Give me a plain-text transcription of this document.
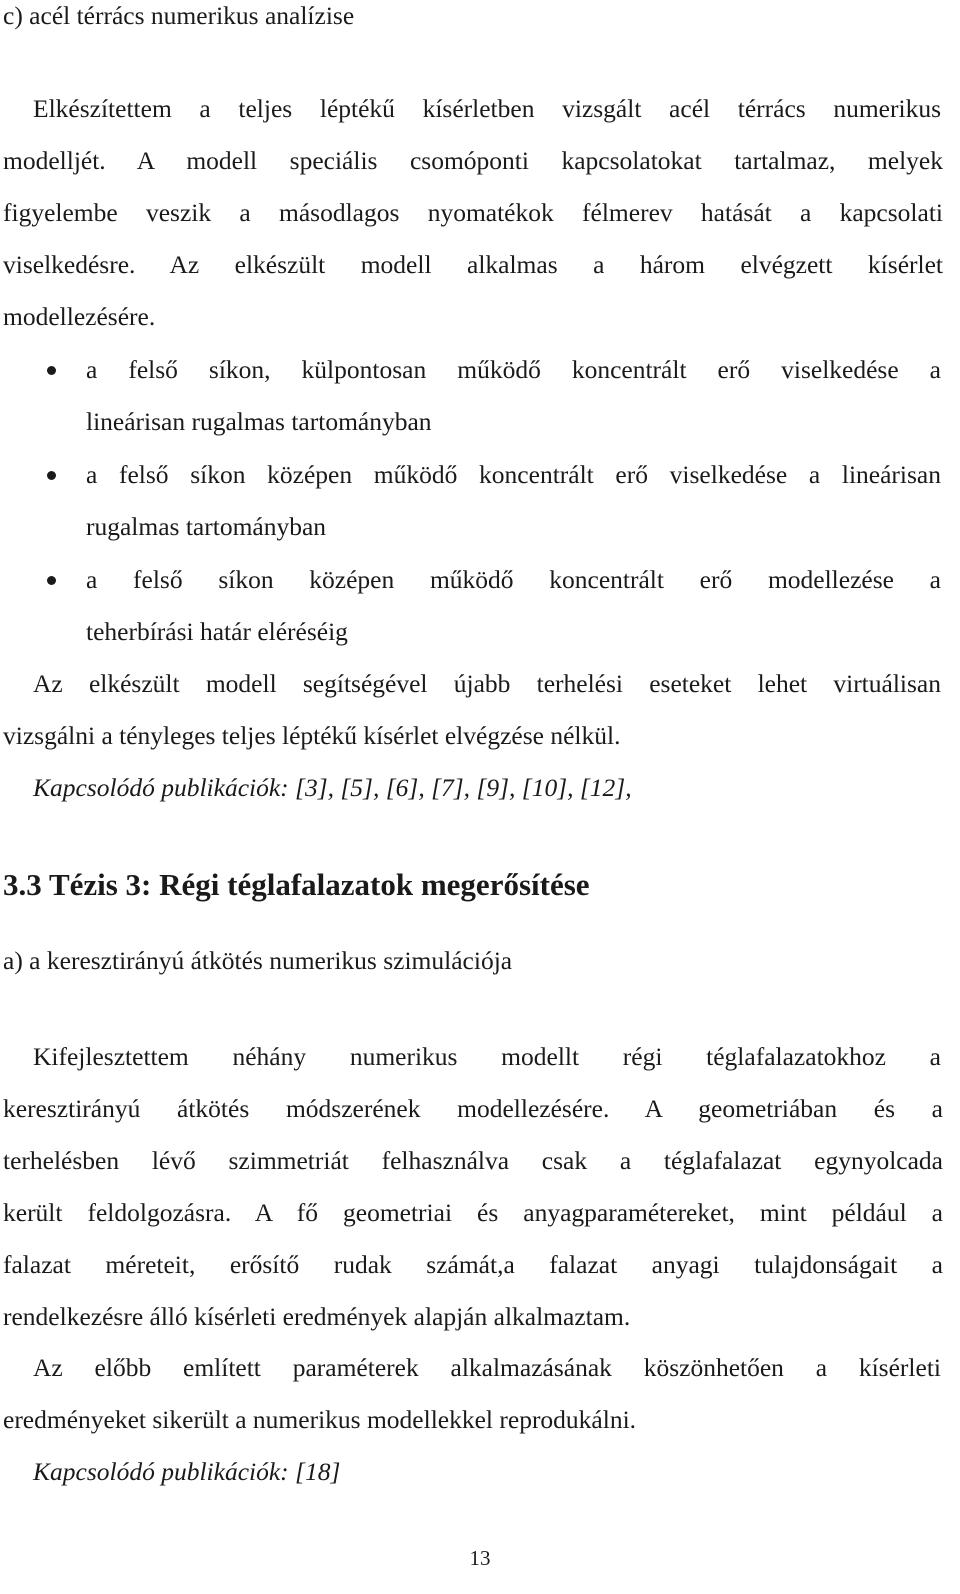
c) acél térrács numerikus analízise

Elkészítettem a teljes léptékű kísérletben vizsgált acél térrács numerikus

modelljét. A modell speciális csomóponti kapcsolatokat tartalmaz, melyek

figyelembe veszik a másodlagos nyomatékok félmerev hatását a kapcsolati

viselkedésre. Az elkészült modell alkalmas a három elvégzett kísérlet

modellezésére.

a felső síkon, külpontosan működő koncentrált erő viselkedése a

lineárisan rugalmas tartományban

a felső síkon középen működő koncentrált erő viselkedése a lineárisan

rugalmas tartományban

a felső síkon középen működő koncentrált erő modellezése a

teherbírási határ eléréséig

Az elkészült modell segítségével újabb terhelési eseteket lehet virtuálisan

vizsgálni a tényleges teljes léptékű kísérlet elvégzése nélkül.

Kapcsolódó publikációk: [3], [5], [6], [7], [9], [10], [12],

3.3 Tézis 3: Régi téglafalazatok megerősítése

a) a keresztirányú átkötés numerikus szimulációja

Kifejlesztettem néhány numerikus modellt régi téglafalazatokhoz a

keresztirányú átkötés módszerének modellezésére. A geometriában és a

terhelésben lévő szimmetriát felhasználva csak a téglafalazat egynyolcada

került feldolgozásra. A fő geometriai és anyagparamétereket, mint például a

falazat méreteit, erősítő rudak számát,a falazat anyagi tulajdonságait a

rendelkezésre álló kísérleti eredmények alapján alkalmaztam.

Az előbb említett paraméterek alkalmazásának köszönhetően a kísérleti

eredményeket sikerült a numerikus modellekkel reprodukálni.

Kapcsolódó publikációk: [18]

13
